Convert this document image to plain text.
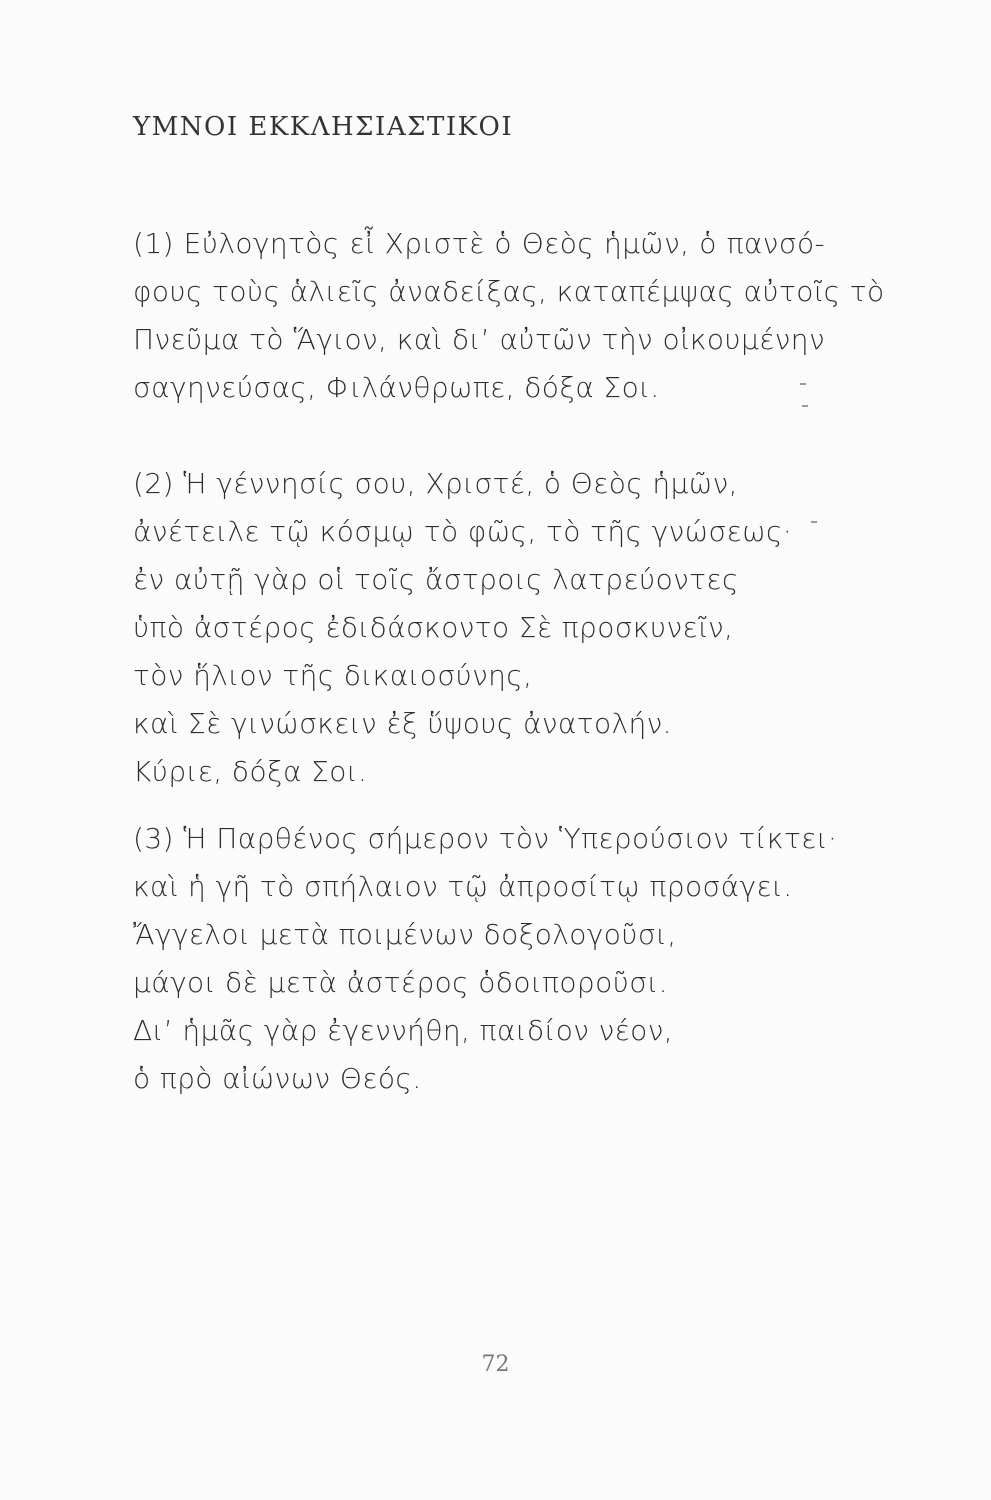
ΥΜΝΟΙ ΕΚΚΛΗΣΙΑΣΤΙΚΟΙ
(1) Εὐλογητὸς εἶ Χριστὲ ὁ Θεὸς ἡμῶν, ὁ πανσό-
φους τοὺς ἁλιεῖς ἀναδείξας, καταπέμψας αὐτοῖς τὸ
Πνεῦμα τὸ Ἅγιον, καὶ δι’ αὐτῶν τὴν οἰκουμένην
σαγηνεύσας, Φιλάνθρωπε, δόξα Σοι.
(2) Ἡ γέννησίς σου, Χριστέ, ὁ Θεὸς ἡμῶν,
ἀνέτειλε τῷ κόσμῳ τὸ φῶς, τὸ τῆς γνώσεως·
ἐν αὐτῇ γὰρ οἱ τοῖς ἄστροις λατρεύοντες
ὑπὸ ἀστέρος ἐδιδάσκοντο Σὲ προσκυνεῖν,
τὸν ἥλιον τῆς δικαιοσύνης,
καὶ Σὲ γινώσκειν ἐξ ὕψους ἀνατολήν.
Κύριε, δόξα Σοι.
(3) Ἡ Παρθένος σήμερον τὸν Ὑπερούσιον τίκτει·
καὶ ἡ γῆ τὸ σπήλαιον τῷ ἀπροσίτῳ προσάγει.
Ἄγγελοι μετὰ ποιμένων δοξολογοῦσι,
μάγοι δὲ μετὰ ἀστέρος ὁδοιποροῦσι.
Δι’ ἡμᾶς γὰρ ἐγεννήθη, παιδίον νέον,
ὁ πρὸ αἰώνων Θεός.
72
